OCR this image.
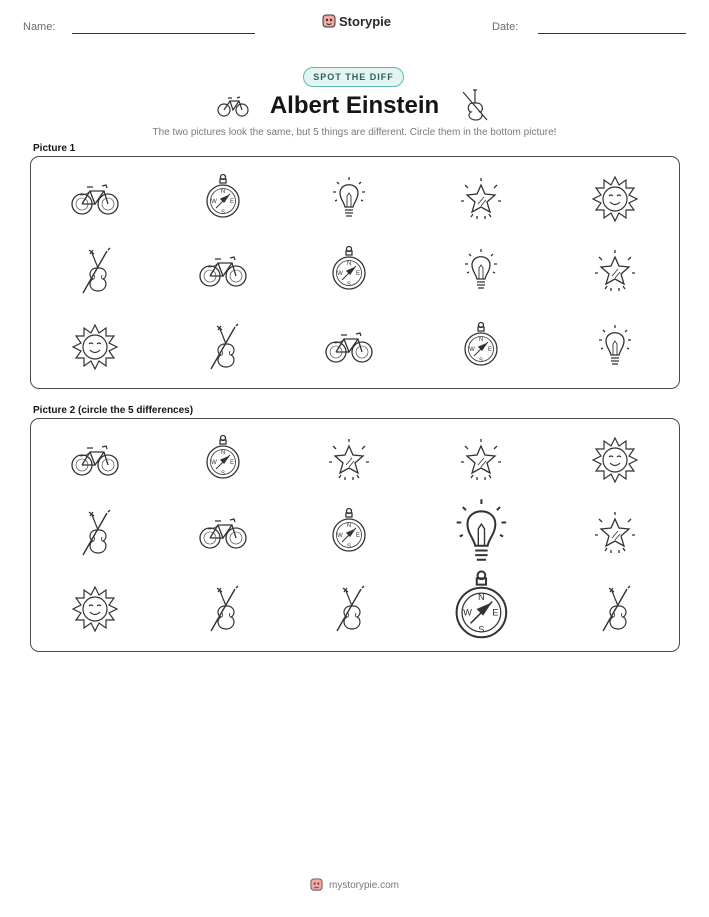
Name:	Storypie	Date:
SPOT THE DIFF
Albert Einstein
The two pictures look the same, but 5 things are different. Circle them in the bottom picture!
Picture 1
N
S
W E
N
S
W E
N
S
W E
Picture 2 (circle the 5 differences)
N
S
W E
N
S
W E
N
S
W	E
mystorypie.com
